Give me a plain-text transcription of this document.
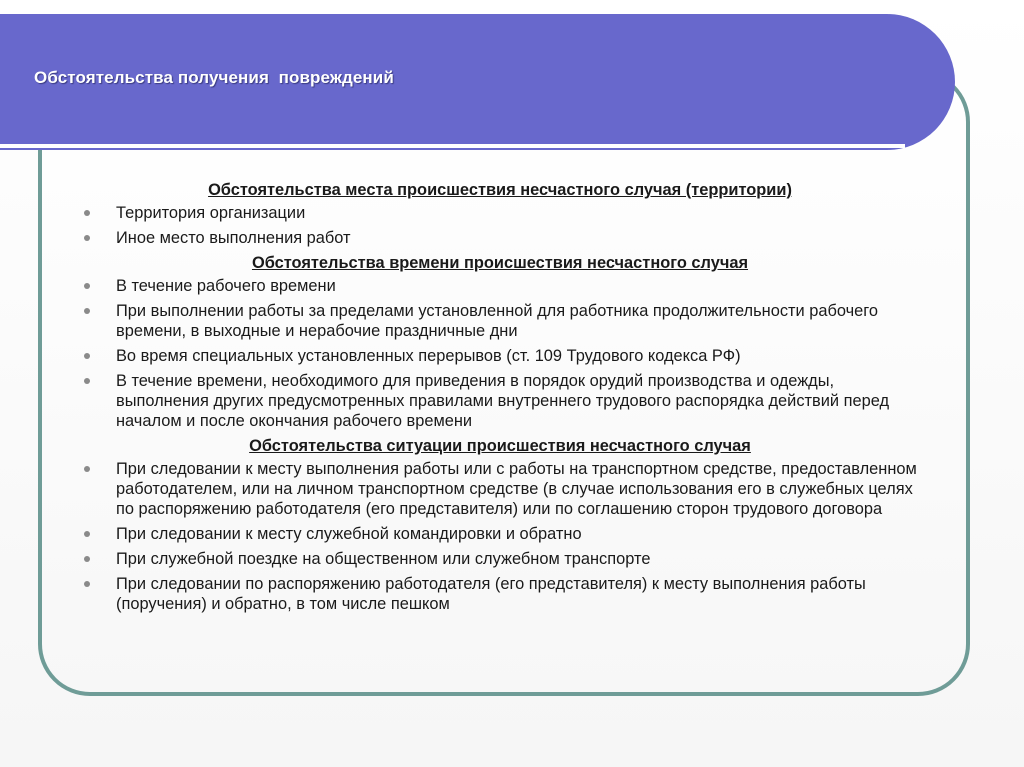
Обстоятельства получения  повреждений

Обстоятельства места происшествия несчастного случая (территории)

Территория организации
Иное место выполнения работ

Обстоятельства времени происшествия несчастного случая

В течение рабочего времени
При выполнении работы за пределами установленной для работника продолжительности рабочего времени, в выходные и нерабочие праздничные дни
Во время специальных установленных перерывов (ст. 109 Трудового кодекса РФ)
В течение времени, необходимого для приведения в порядок орудий производства и одежды, выполнения других предусмотренных правилами внутреннего трудового распорядка действий перед началом и после окончания рабочего времени

Обстоятельства ситуации происшествия несчастного случая

При следовании к месту выполнения работы или с работы на транспортном средстве, предоставленном работодателем, или на личном транспортном средстве (в случае использования его в служебных целях по распоряжению работодателя (его представителя) или по соглашению сторон трудового договора
При следовании к месту служебной командировки и обратно
При служебной поездке на общественном или служебном транспорте
При следовании по распоряжению работодателя (его представителя) к месту выполнения работы (поручения) и обратно, в том числе пешком
